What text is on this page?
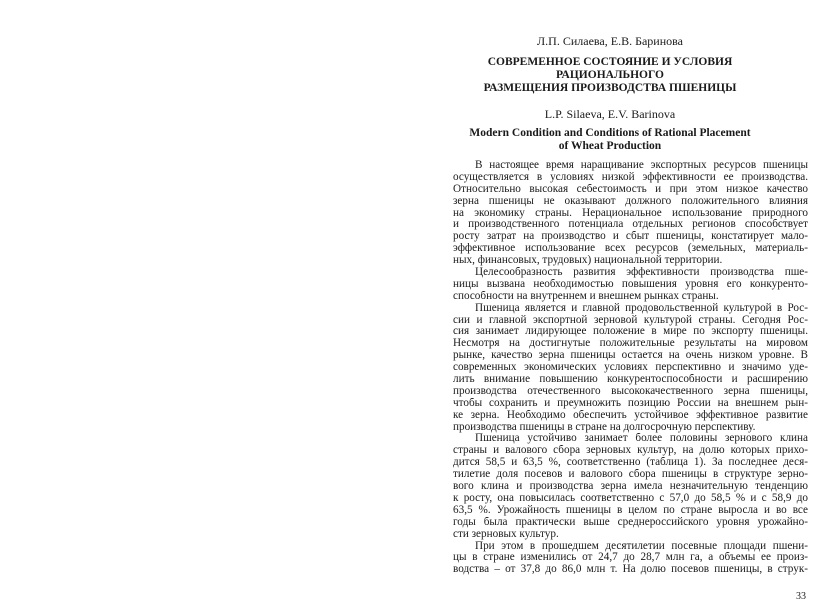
Л.П. Силаева, Е.В. Баринова
СОВРЕМЕННОЕ СОСТОЯНИЕ И УСЛОВИЯ
РАЦИОНАЛЬНОГО
РАЗМЕЩЕНИЯ ПРОИЗВОДСТВА ПШЕНИЦЫ
L.P. Silaeva, E.V. Barinova
Modern Condition and Conditions of Rational Placement
of Wheat Production

В настоящее время наращивание экспортных ресурсов пшеницы
осуществляется в условиях низкой эффективности ее производства.
Относительно высокая себестоимость и при этом низкое качество
зерна пшеницы не оказывают должного положительного влияния
на экономику страны. Нерациональное использование природного
и производственного потенциала отдельных регионов способствует
росту затрат на производство и сбыт пшеницы, констатирует мало-
эффективное использование всех ресурсов (земельных, материаль-
ных, финансовых, трудовых) национальной территории.

Целесообразность развития эффективности производства пше-
ницы вызвана необходимостью повышения уровня его конкурентo-
способности на внутреннем и внешнем рынках страны.

Пшеница является и главной продовольственной культурой в Рос-
сии и главной экспортной зерновой культурой страны. Сегодня Рос-
сия занимает лидирующее положение в мире по экспорту пшеницы.
Несмотря на достигнутые положительные результаты на мировом
рынке, качество зерна пшеницы остается на очень низком уровне. В
современных экономических условиях перспективно и значимо уде-
лить внимание повышению конкурентоспособности и расширению
производства отечественного высококачественного зерна пшеницы,
чтобы сохранить и преумножить позицию России на внешнем рын-
ке зерна. Необходимо обеспечить устойчивое эффективное развитие
производства пшеницы в стране на долгосрочную перспективу.

Пшеница устойчиво занимает более половины зернового клина
страны и валового сбора зерновых культур, на долю которых прихо-
дится 58,5 и 63,5 %, соответственно (таблица 1). За последнее деся-
тилетие доля посевов и валового сбора пшеницы в структуре зерно-
вого клина и производства зерна имела незначительную тенденцию
к росту, она повысилась соответственно с 57,0 до 58,5 % и с 58,9 до
63,5 %. Урожайность пшеницы в целом по стране выросла и во все
годы была практически выше среднероссийского уровня урожайно-
сти зерновых культур.

При этом в прошедшем десятилетии посевные площади пшени-
цы в стране изменились от 24,7 до 28,7 млн га, а объемы ее произ-
водства – от 37,8 до 86,0 млн т. На долю посевов пшеницы, в струк-

33
